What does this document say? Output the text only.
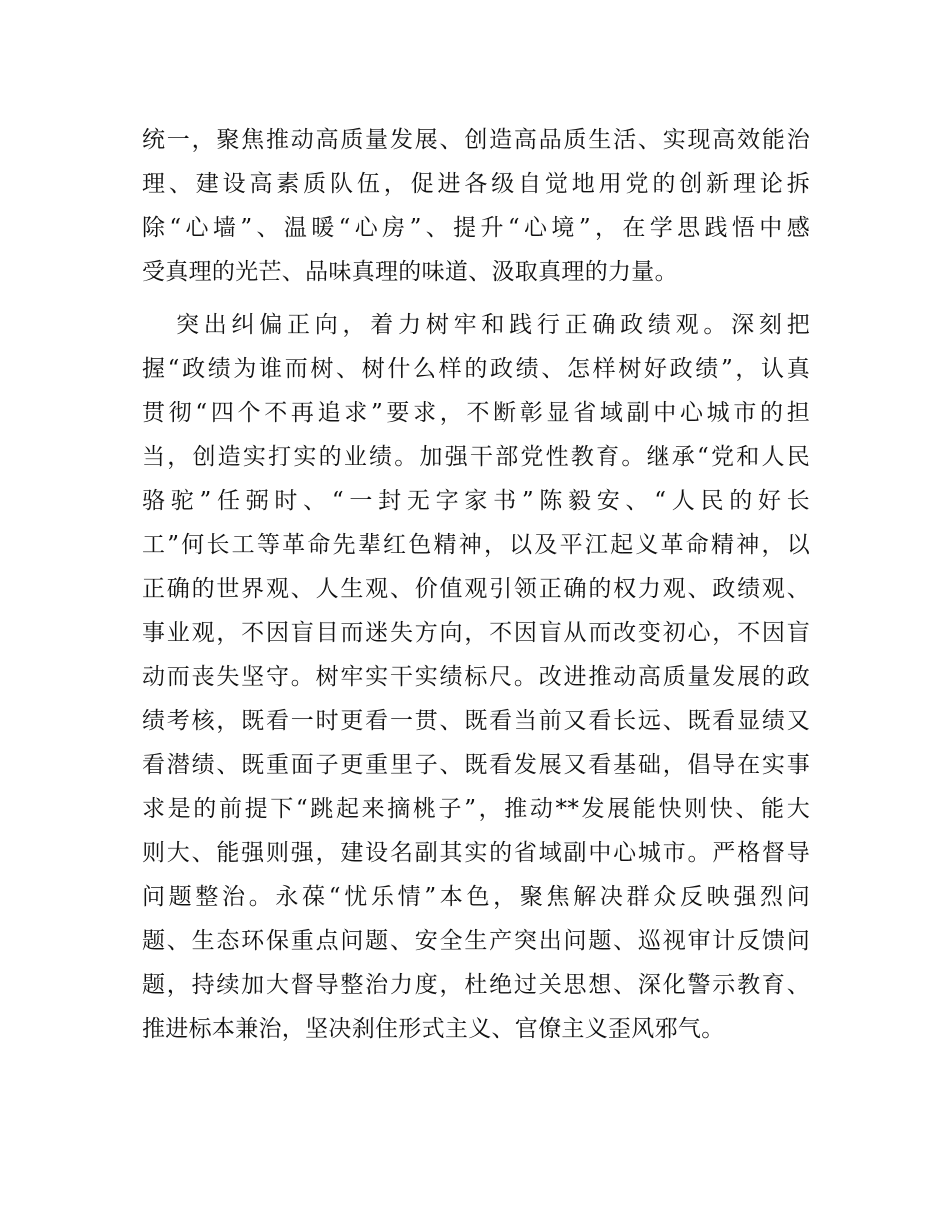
统一，聚焦推动高质量发展、创造高品质生活、实现高效能治
理、建设高素质队伍，促进各级自觉地用党的创新理论拆
除“心墙”、温暖“心房”、提升“心境”，在学思践悟中感
受真理的光芒、品味真理的味道、汲取真理的力量。
突出纠偏正向，着力树牢和践行正确政绩观。深刻把
握“政绩为谁而树、树什么样的政绩、怎样树好政绩”，认真
贯彻“四个不再追求”要求，不断彰显省域副中心城市的担
当，创造实打实的业绩。加强干部党性教育。继承“党和人民
骆驼”任弼时、“一封无字家书”陈毅安、“人民的好长
工”何长工等革命先辈红色精神，以及平江起义革命精神，以
正确的世界观、人生观、价值观引领正确的权力观、政绩观、
事业观，不因盲目而迷失方向，不因盲从而改变初心，不因盲
动而丧失坚守。树牢实干实绩标尺。改进推动高质量发展的政
绩考核，既看一时更看一贯、既看当前又看长远、既看显绩又
看潜绩、既重面子更重里子、既看发展又看基础，倡导在实事
求是的前提下“跳起来摘桃子”，推动**发展能快则快、能大
则大、能强则强，建设名副其实的省域副中心城市。严格督导
问题整治。永葆“忧乐情”本色，聚焦解决群众反映强烈问
题、生态环保重点问题、安全生产突出问题、巡视审计反馈问
题，持续加大督导整治力度，杜绝过关思想、深化警示教育、
推进标本兼治，坚决刹住形式主义、官僚主义歪风邪气。
